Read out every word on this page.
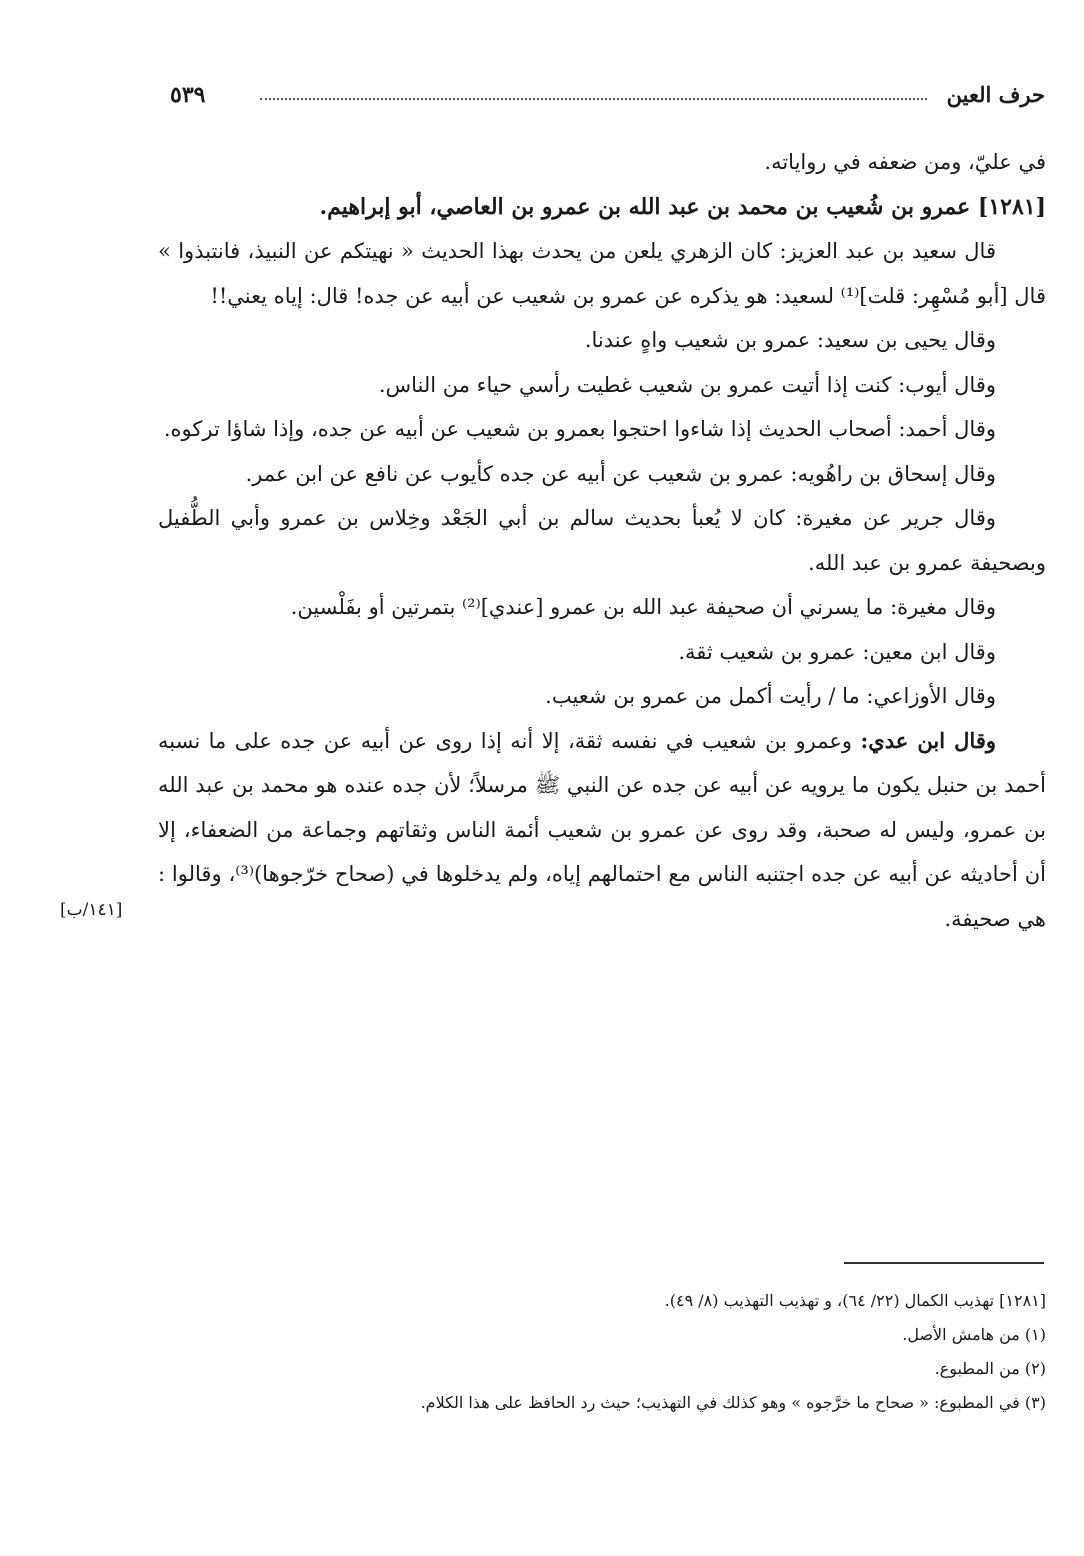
حرف العين
٥٣٩
[١٤١/ب]

في عليّ، ومن ضعفه في رواياته.

[١٢٨١] عمرو بن شُعيب بن محمد بن عبد الله بن عمرو بن العاصي، أبو إبراهيم.

قال سعيد بن عبد العزيز: كان الزهري يلعن من يحدث بهذا الحديث « نهيتكم عن النبيذ، فانتبذوا » قال [أبو مُسْهِر: قلت]⁽¹⁾ لسعيد: هو يذكره عن عمرو بن شعيب عن أبيه عن جده! قال: إياه يعني!!

وقال يحيى بن سعيد: عمرو بن شعيب واهٍ عندنا.

وقال أيوب: كنت إذا أتيت عمرو بن شعيب غطيت رأسي حياء من الناس.

وقال أحمد: أصحاب الحديث إذا شاءوا احتجوا بعمرو بن شعيب عن أبيه عن جده، وإذا شاؤا تركوه.

وقال إسحاق بن راهُويه: عمرو بن شعيب عن أبيه عن جده كأيوب عن نافع عن ابن عمر.

وقال جرير عن مغيرة: كان لا يُعبأ بحديث سالم بن أبي الجَعْد وخِلاس بن عمرو وأبي الطُّفيل وبصحيفة عمرو بن عبد الله.

وقال مغيرة: ما يسرني أن صحيفة عبد الله بن عمرو [عندي]⁽²⁾ بتمرتين أو بفَلْسين.

وقال ابن معين: عمرو بن شعيب ثقة.

وقال الأوزاعي: ما / رأيت أكمل من عمرو بن شعيب.

وقال ابن عدي: وعمرو بن شعيب في نفسه ثقة، إلا أنه إذا روى عن أبيه عن جده على ما نسبه أحمد بن حنبل يكون ما يرويه عن أبيه عن جده عن النبي ﷺ مرسلاً؛ لأن جده عنده هو محمد بن عبد الله بن عمرو، وليس له صحبة، وقد روى عن عمرو بن شعيب أئمة الناس وثقاتهم وجماعة من الضعفاء، إلا أن أحاديثه عن أبيه عن جده اجتنبه الناس مع احتمالهم إياه، ولم يدخلوها في (صحاح خرّجوها)⁽³⁾، وقالوا : هي صحيفة.

[١٢٨١] تهذيب الكمال (٢٢/ ٦٤)، و تهذيب التهذيب (٨/ ٤٩).

(١) من هامش الأصل.

(٢) من المطبوع.

(٣) في المطبوع: « صحاح ما خرَّجوه » وهو كذلك في التهذيب؛ حيث رد الحافظ على هذا الكلام.
